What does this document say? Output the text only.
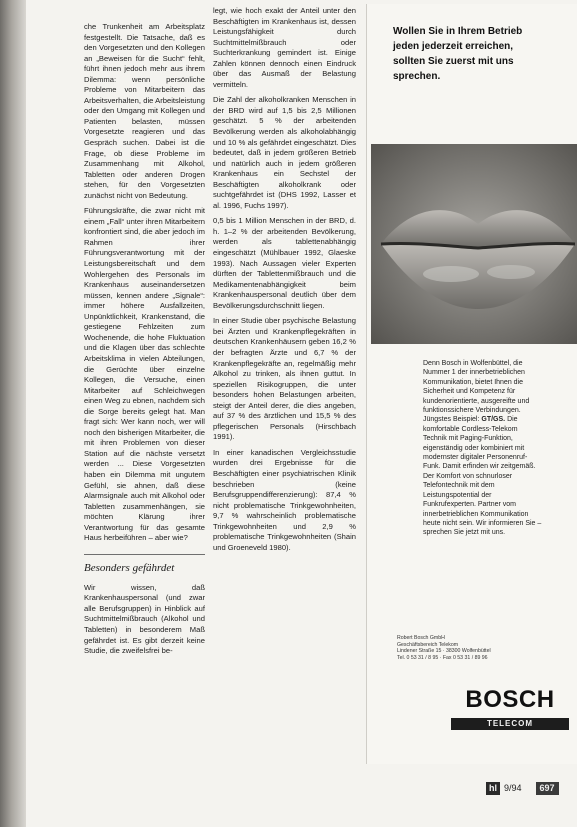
che Trunkenheit am Arbeitsplatz festgestellt. Die Tatsache, daß es den Vorgesetzten und den Kollegen an „Beweisen für die Sucht“ fehlt, führt ihnen jedoch mehr aus ihrem Dilemma: wenn persönliche Probleme von Mitarbeitern das Arbeitsverhalten, die Arbeitsleistung oder den Umgang mit Kollegen und Patienten belasten, müssen Vorgesetzte reagieren und das Gespräch suchen. Dabei ist die Frage, ob diese Probleme im Zusammenhang mit Alkohol, Tabletten oder anderen Drogen stehen, für den Vorgesetzten zunächst nicht von Bedeutung.

Führungskräfte, die zwar nicht mit einem „Fall“ unter ihren Mitarbeitern konfrontiert sind, die aber jedoch im Rahmen ihrer Führungsverantwortung mit der Leistungsbereitschaft und dem Wohlergehen des Personals im Krankenhaus auseinandersetzen müssen, kennen andere „Signale“: immer höhere Ausfallzeiten, Unpünktlichkeit, Krankenstand, die gestiegene Fehlzeiten zum Wochenende, die hohe Fluktuation und die Klagen über das schlechte Arbeitsklima in vielen Abteilungen, die Gerüchte über einzelne Kollegen, die Versuche, einen Mitarbeiter auf Schleichwegen einen Weg zu ebnen, nachdem sich die Sorge bereits gelegt hat. Man fragt sich: Wer kann noch, wer will noch den bisherigen Mitarbeiter, die mit ihren Problemen von dieser Station auf die nächste versetzt werden ... Diese Vorgesetzten haben ein Dilemma mit ungutem Gefühl, sie ahnen, daß diese Alarmsignale auch mit Alkohol oder Tabletten zusammenhängen, sie möchten Klärung ihrer Verantwortung für das gesamte Haus herbeiführen – aber wie?

Besonders gefährdet

Wir wissen, daß Krankenhauspersonal (und zwar alle Berufsgruppen) in Hinblick auf Suchtmittelmißbrauch (Alkohol und Tabletten) in besonderem Maß gefährdet ist. Es gibt derzeit keine Studie, die zweifelsfrei be-

legt, wie hoch exakt der Anteil unter den Beschäftigten im Krankenhaus ist, dessen Leistungsfähigkeit durch Suchtmittelmißbrauch oder Suchterkrankung gemindert ist. Einige Zahlen können dennoch einen Eindruck über das Ausmaß der Belastung vermitteln.

Die Zahl der alkoholkranken Menschen in der BRD wird auf 1,5 bis 2,5 Millionen geschätzt. 5 % der arbeitenden Bevölkerung werden als alkoholabhängig und 10 % als gefährdet eingeschätzt. Dies bedeutet, daß in jedem größeren Betrieb und natürlich auch in jedem größeren Krankenhaus ein Sechstel der Beschäftigten alkoholkrank oder suchtgefährdet ist (DHS 1992, Lasser et al. 1996, Fuchs 1997).

0,5 bis 1 Million Menschen in der BRD, d. h. 1–2 % der arbeitenden Bevölkerung, werden als tablettenabhängig eingeschätzt (Mühlbauer 1992, Glaeske 1993). Nach Aussagen vieler Experten dürften der Tablettenmißbrauch und die Medikamentenabhängigkeit beim Krankenhauspersonal deutlich über dem Bevölkerungsdurchschnitt liegen.

In einer Studie über psychische Belastung bei Ärzten und Krankenpflegekräften in deutschen Krankenhäusern geben 16,2 % der befragten Ärzte und 6,7 % der Krankenpflegekräfte an, regelmäßig mehr Alkohol zu trinken, als ihnen guttut. In speziellen Risikogruppen, die unter besonders hohen Belastungen arbeiten, steigt der Anteil derer, die dies angeben, auf 37 % des ärztlichen und 15,5 % des pflegerischen Personals (Hirschbach 1991).

In einer kanadischen Vergleichsstudie wurden drei Ergebnisse für die Beschäftigten einer psychiatrischen Klinik beschrieben (keine Berufsgruppendifferenzierung): 87,4 % nicht problematische Trinkgewohnheiten, 9,7 % wahrscheinlich problematische Trinkgewohnheiten und 2,9 % problematische Trinkgewohnheiten (Shain und Groeneveld 1980).

Wollen Sie in Ihrem Betrieb jeden jederzeit erreichen, sollten Sie zuerst mit uns sprechen.
Denn Bosch in Wolfenbüttel, die Nummer 1 der innerbetrieblichen Kommunikation, bietet Ihnen die Sicherheit und Kompetenz für kundenorientierte, ausgereifte und funktionssichere Verbindungen. Jüngstes Beispiel: GT/GS. Die komfortable Cordless-Telekom Technik mit Paging-Funktion, eigenständig oder kombiniert mit modernster digitaler Personenruf-Funk. Damit erfinden wir zeitgemäß. Der Komfort von schnurloser Telefontechnik mit dem Leistungspotential der Funkrufexperten. Partner vom innerbetrieblichen Kommunikation heute nicht sein. Wir informieren Sie – sprechen Sie jetzt mit uns.
Robert Bosch GmbH
Geschäftsbereich Telekom
Lindener Straße 15 · 38300 Wolfenbüttel
Tel. 0 53 31 / 8 95 · Fax 0 53 31 / 89 96
BOSCH
TELECOM
hl 9/94	697
